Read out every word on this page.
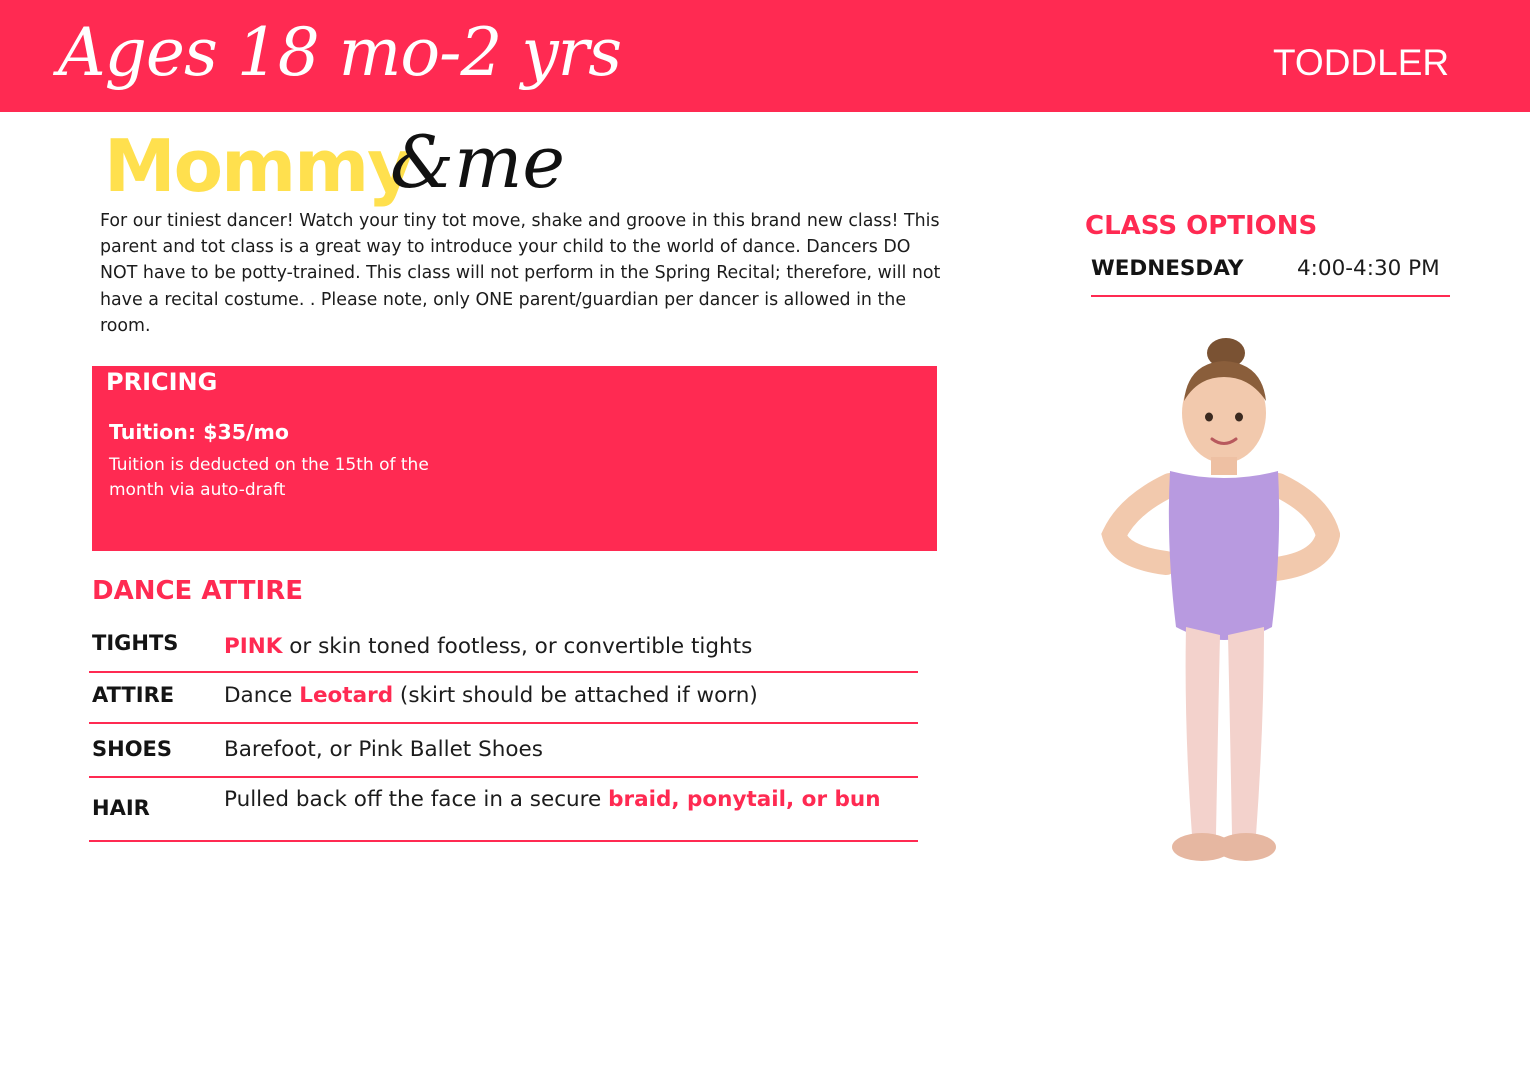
Ages 18 mo-2 yrs	TODDLER
Mommy
&me

For our tiniest dancer! Watch your tiny tot move, shake and groove in this brand new class! This parent and tot class is a great way to introduce your child to the world of dance. Dancers DO NOT have to be potty-trained. This class will not perform in the Spring Recital; therefore, will not have a recital costume. . Please note, only ONE parent/guardian per dancer is allowed in the room.

PRICING
Tuition: $35/mo
Tuition is deducted on the 15th of the month via auto-draft
DANCE ATTIRE
TIGHTS PINK or skin toned footless, or convertible tights
ATTIRE Dance Leotard (skirt should be attached if worn)
SHOES Barefoot, or Pink Ballet Shoes
HAIR	Pulled back off the face in a secure braid, ponytail, or bun
CLASS OPTIONS
WEDNESDAY 4:00-4:30 PM
